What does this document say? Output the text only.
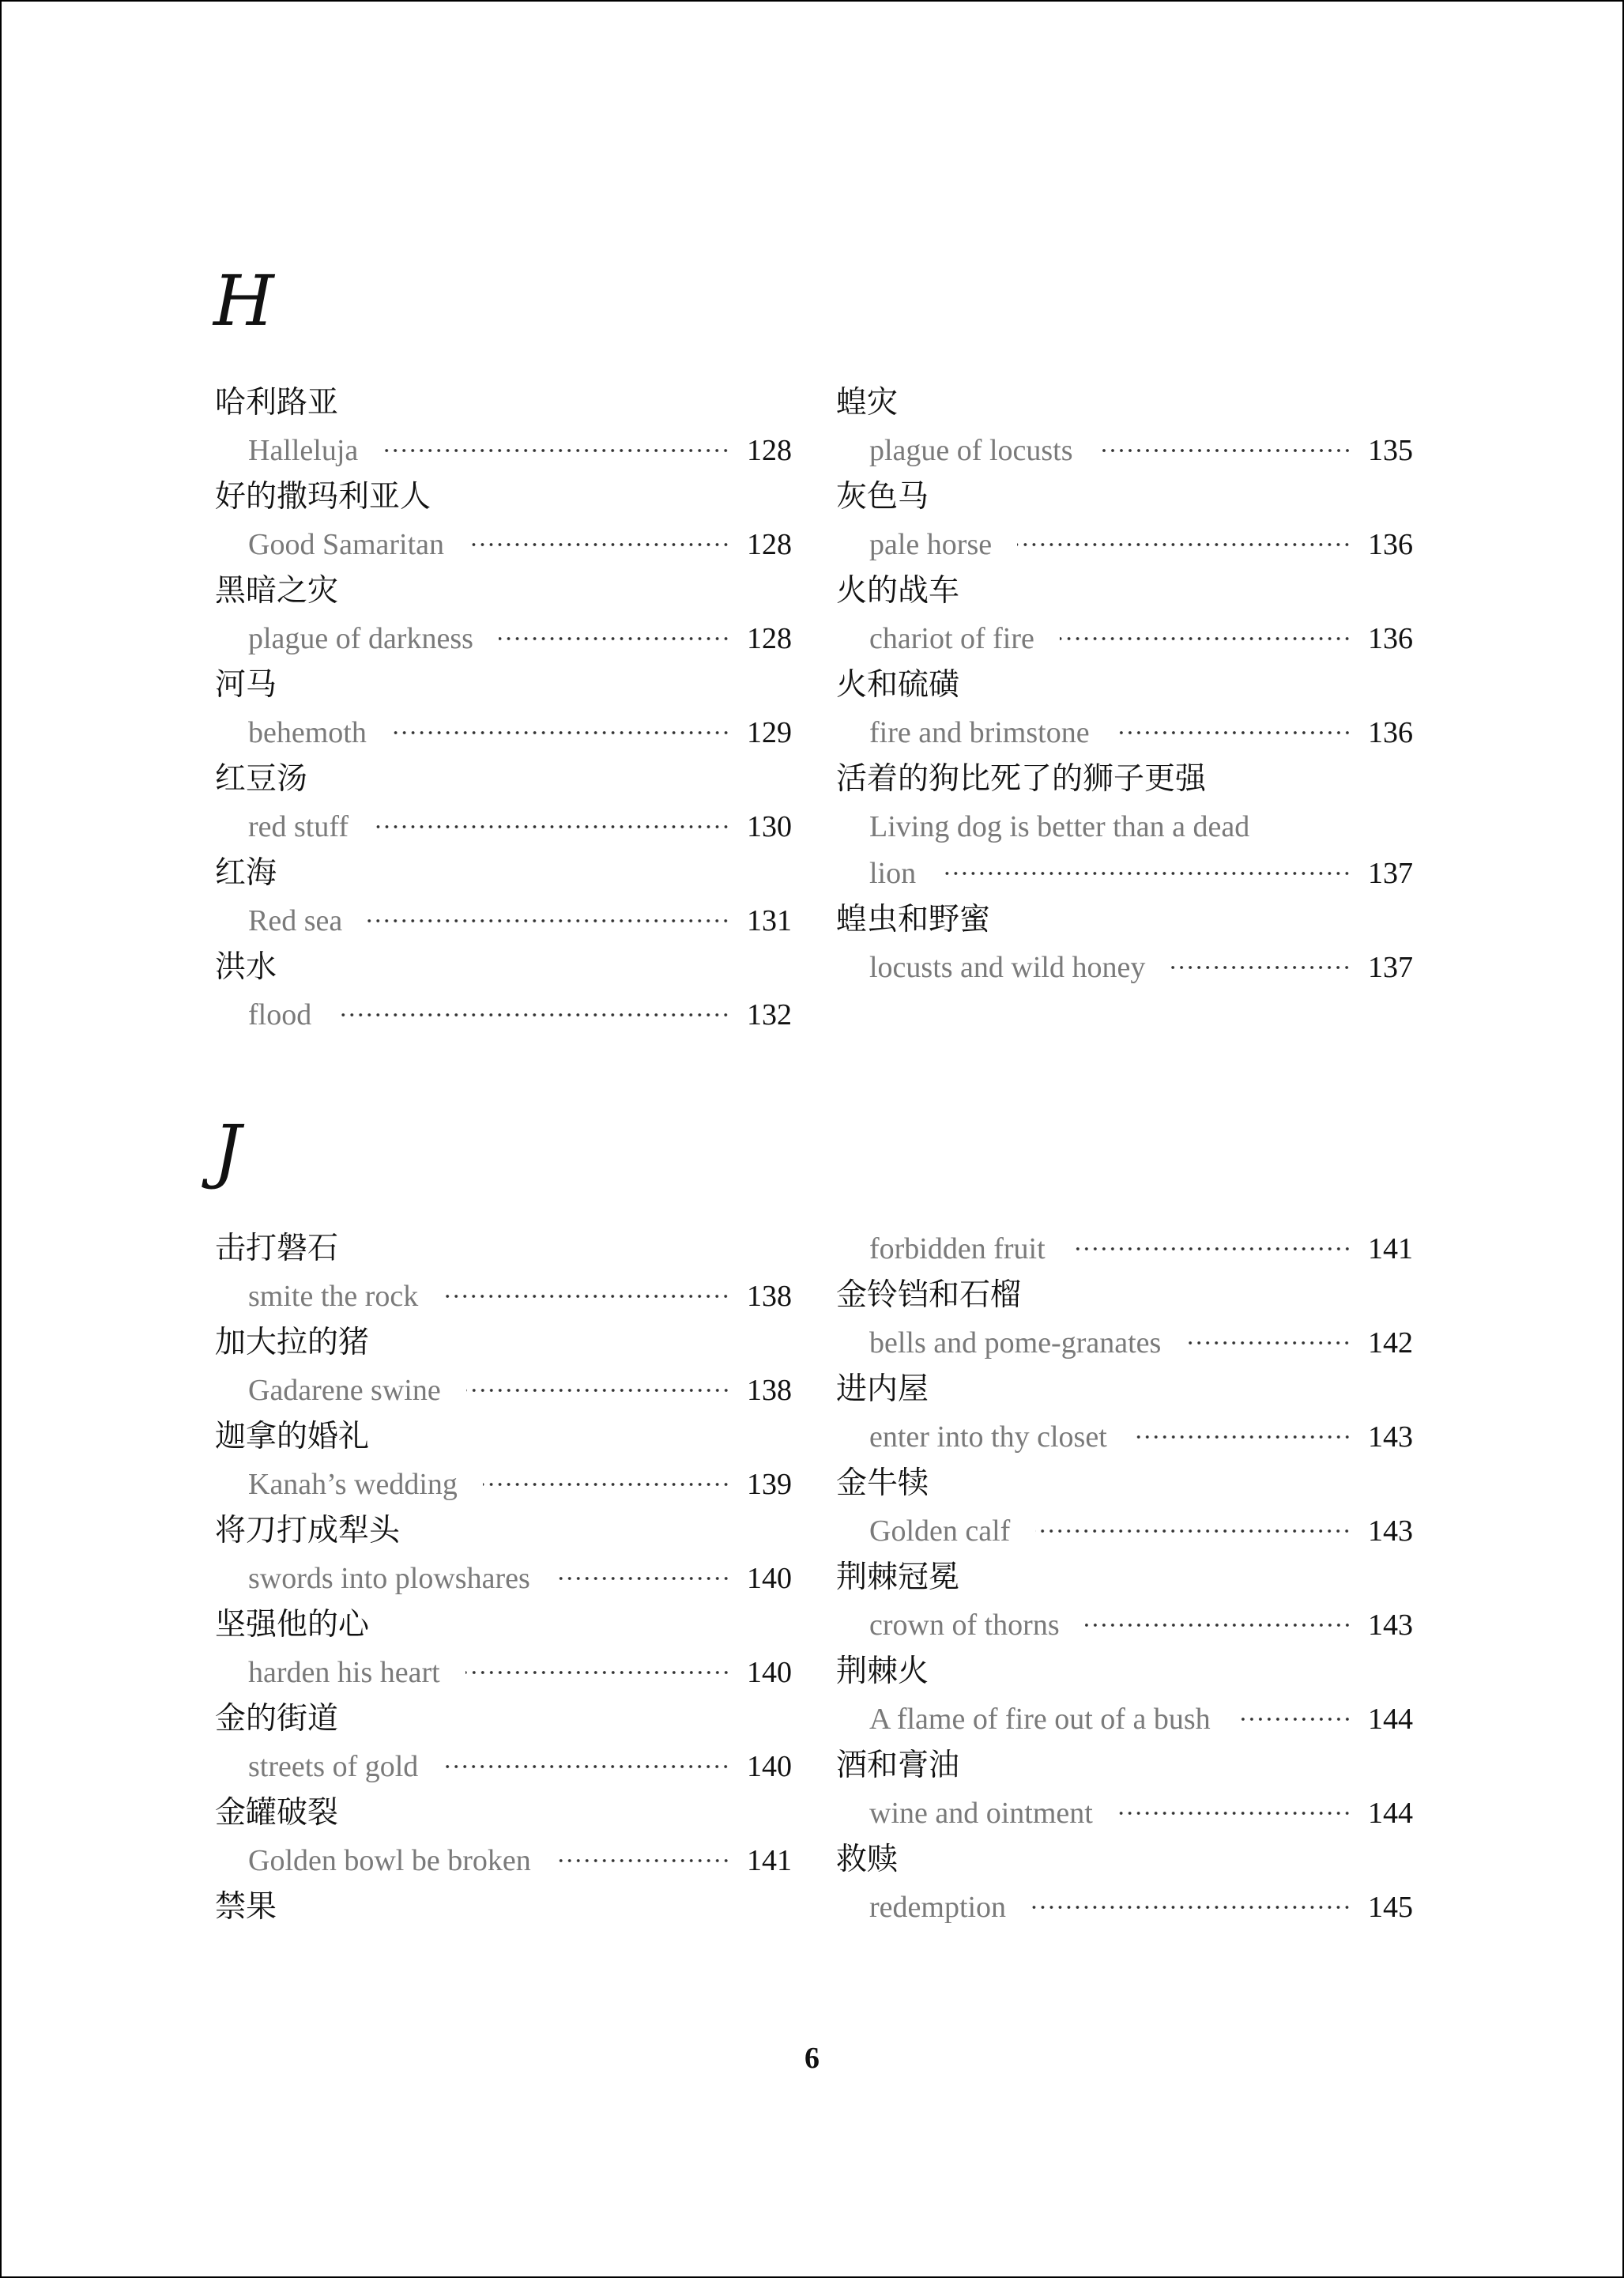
H
哈利路亚
Halleluja	128
好的撒玛利亚人
Good Samaritan	128
黑暗之灾
plague of darkness	128
河马
behemoth	129
红豆汤
red stuff	130
红海
Red sea	131
洪水
flood	132
蝗灾
plague of locusts	135
灰色马
pale horse	136
火的战车
chariot of fire	136
火和硫磺
fire and brimstone	136
活着的狗比死了的狮子更强
Living dog is better than a dead
lion	137
蝗虫和野蜜
locusts and wild honey	137
J
击打磐石
smite the rock	138
加大拉的猪
Gadarene swine	138
迦拿的婚礼
Kanah’s wedding	139
将刀打成犁头
swords into plowshares	140
坚强他的心
harden his heart	140
金的街道
streets of gold	140
金罐破裂
Golden bowl be broken	141
禁果
forbidden fruit	141
金铃铛和石榴
bells and pome-granates	142
进内屋
enter into thy closet	143
金牛犊
Golden calf	143
荆棘冠冕
crown of thorns	143
荆棘火
A flame of fire out of a bush	144
酒和膏油
wine and ointment	144
救赎
redemption	145
6
